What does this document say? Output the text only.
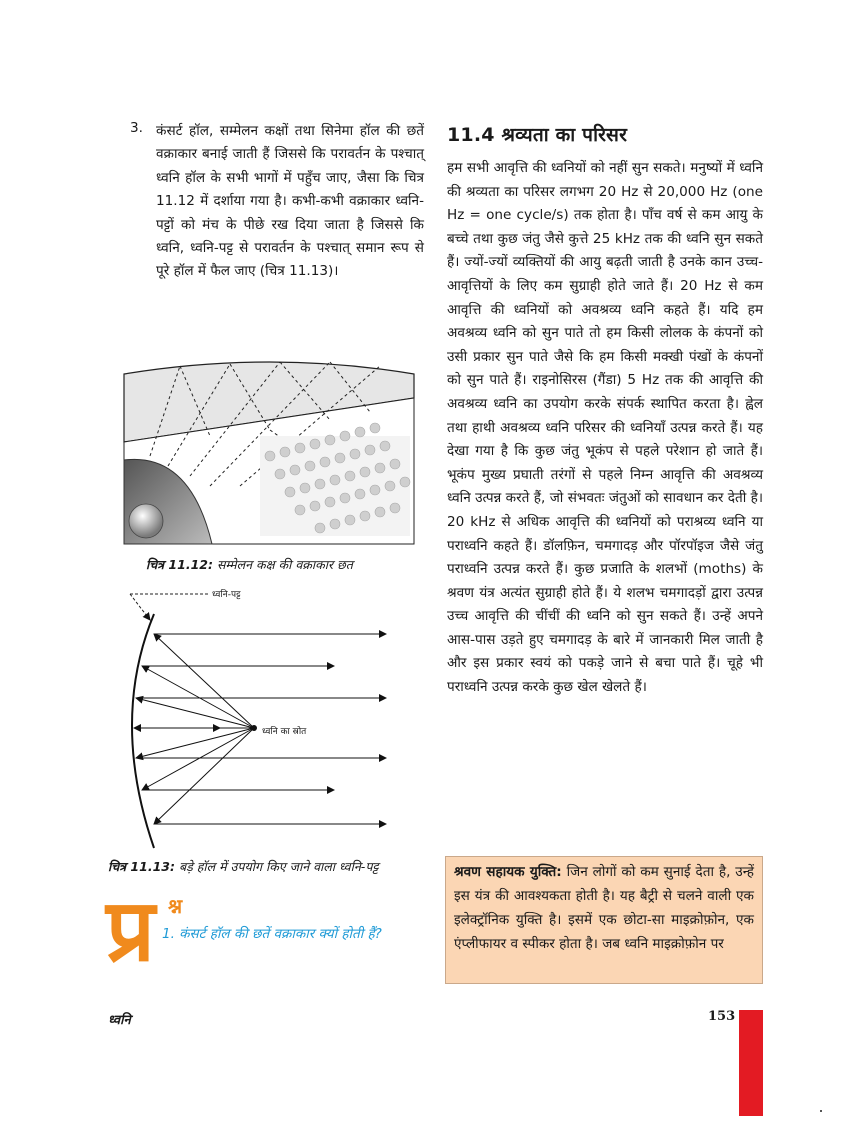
3. कंसर्ट हॉल, सम्मेलन कक्षों तथा सिनेमा हॉल की छतें वक्राकार बनाई जाती हैं जिससे कि परावर्तन के पश्चात् ध्वनि हॉल के सभी भागों में पहुँच जाए, जैसा कि चित्र 11.12 में दर्शाया गया है। कभी-कभी वक्राकार ध्वनि-पट्टों को मंच के पीछे रख दिया जाता है जिससे कि ध्वनि, ध्वनि-पट्ट से परावर्तन के पश्चात् समान रूप से पूरे हॉल में फैल जाए (चित्र 11.13)।

चित्र 11.12: सम्मेलन कक्ष की वक्राकार छत

ध्वनि-पट्ट
ध्वनि का स्रोत

चित्र 11.13: बड़े हॉल में उपयोग किए जाने वाला ध्वनि-पट्ट

प्र श्न
1. कंसर्ट हॉल की छतें वक्राकार क्यों होती हैं?
11.4 श्रव्यता का परिसर

हम सभी आवृत्ति की ध्वनियों को नहीं सुन सकते। मनुष्यों में ध्वनि की श्रव्यता का परिसर लगभग 20 Hz से 20,000 Hz (one Hz = one cycle/s) तक होता है। पाँच वर्ष से कम आयु के बच्चे तथा कुछ जंतु जैसे कुत्ते 25 kHz तक की ध्वनि सुन सकते हैं। ज्यों-ज्यों व्यक्तियों की आयु बढ़ती जाती है उनके कान उच्च-आवृत्तियों के लिए कम सुग्राही होते जाते हैं। 20 Hz से कम आवृत्ति की ध्वनियों को अवश्रव्य ध्वनि कहते हैं। यदि हम अवश्रव्य ध्वनि को सुन पाते तो हम किसी लोलक के कंपनों को उसी प्रकार सुन पाते जैसे कि हम किसी मक्खी पंखों के कंपनों को सुन पाते हैं। राइनोसिरस (गैंडा) 5 Hz तक की आवृत्ति की अवश्रव्य ध्वनि का उपयोग करके संपर्क स्थापित करता है। ह्वेल तथा हाथी अवश्रव्य ध्वनि परिसर की ध्वनियाँ उत्पन्न करते हैं। यह देखा गया है कि कुछ जंतु भूकंप से पहले परेशान हो जाते हैं। भूकंप मुख्य प्रघाती तरंगों से पहले निम्न आवृत्ति की अवश्रव्य ध्वनि उत्पन्न करते हैं, जो संभवतः जंतुओं को सावधान कर देती है। 20 kHz से अधिक आवृत्ति की ध्वनियों को पराश्रव्य ध्वनि या पराध्वनि कहते हैं। डॉलफ़िन, चमगादड़ और पॉरपॉइज जैसे जंतु पराध्वनि उत्पन्न करते हैं। कुछ प्रजाति के शलभों (moths) के श्रवण यंत्र अत्यंत सुग्राही होते हैं। ये शलभ चमगादड़ों द्वारा उत्पन्न उच्च आवृत्ति की चीं‌चीं की ध्वनि को सुन सकते हैं। उन्हें अपने आस-पास उड़ते हुए चमगादड़ के बारे में जानकारी मिल जाती है और इस प्रकार स्वयं को पकड़े जाने से बचा पाते हैं। चूहे भी पराध्वनि उत्पन्न करके कुछ खेल खेलते हैं।

श्रवण सहायक युक्ति: जिन लोगों को कम सुनाई देता है, उन्हें इस यंत्र की आवश्यकता होती है। यह बैट्री से चलने वाली एक इलेक्ट्रॉनिक युक्ति है। इसमें एक छोटा-सा माइक्रोफ़ोन, एक एंप्लीफायर व स्पीकर होता है। जब ध्वनि माइक्रोफ़ोन पर

ध्वनि	153
